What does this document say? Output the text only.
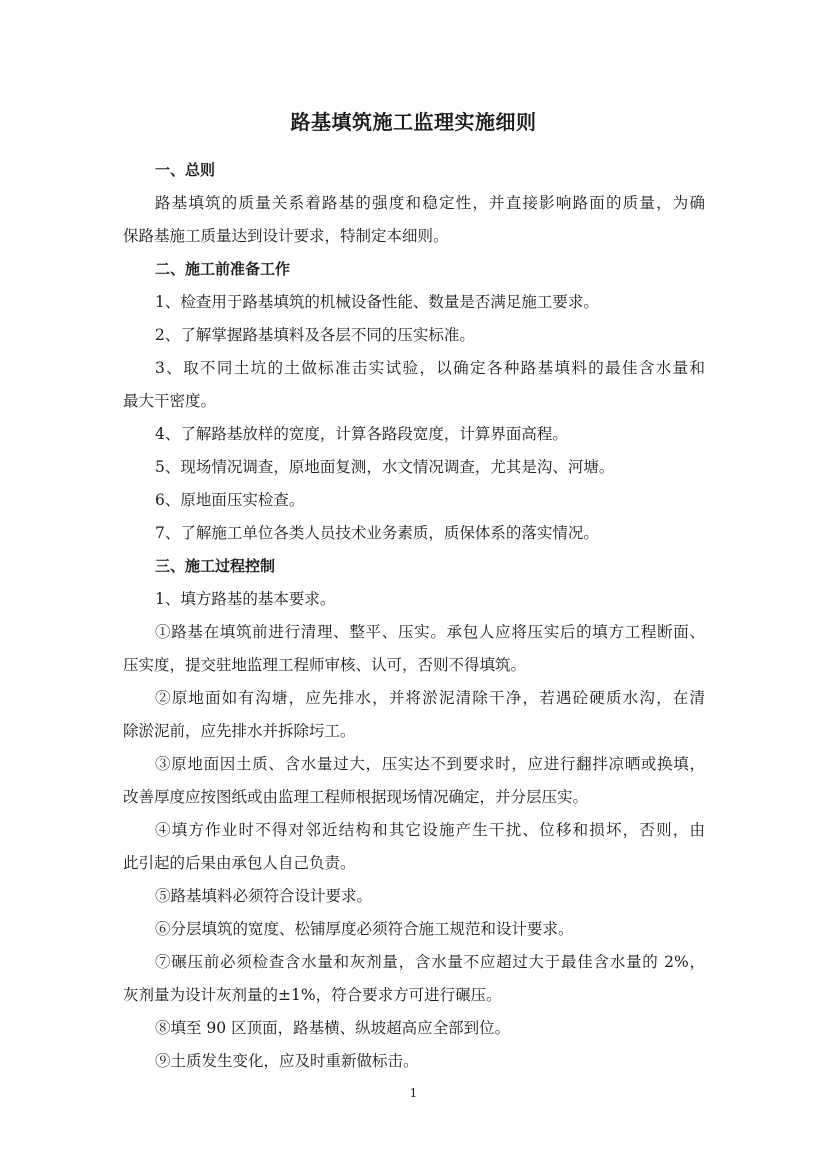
路基填筑施工监理实施细则
一、总则
路基填筑的质量关系着路基的强度和稳定性，并直接影响路面的质量，为确
保路基施工质量达到设计要求，特制定本细则。
二、施工前准备工作
1、检查用于路基填筑的机械设备性能、数量是否满足施工要求。
2、了解掌握路基填料及各层不同的压实标准。
3、取不同土坑的土做标准击实试验，以确定各种路基填料的最佳含水量和
最大干密度。
4、了解路基放样的宽度，计算各路段宽度，计算界面高程。
5、现场情况调查，原地面复测，水文情况调查，尤其是沟、河塘。
6、原地面压实检查。
7、了解施工单位各类人员技术业务素质，质保体系的落实情况。
三、施工过程控制
1、填方路基的基本要求。
①路基在填筑前进行清理、整平、压实。承包人应将压实后的填方工程断面、
压实度，提交驻地监理工程师审核、认可，否则不得填筑。
②原地面如有沟塘，应先排水，并将淤泥清除干净，若遇砼硬质水沟，在清
除淤泥前，应先排水并拆除圬工。
③原地面因土质、含水量过大，压实达不到要求时，应进行翻拌凉晒或换填，
改善厚度应按图纸或由监理工程师根据现场情况确定，并分层压实。
④填方作业时不得对邻近结构和其它设施产生干扰、位移和损坏，否则，由
此引起的后果由承包人自己负责。
⑤路基填料必须符合设计要求。
⑥分层填筑的宽度、松铺厚度必须符合施工规范和设计要求。
⑦碾压前必须检查含水量和灰剂量，含水量不应超过大于最佳含水量的 2%，
灰剂量为设计灰剂量的±1%，符合要求方可进行碾压。
⑧填至 90 区顶面，路基横、纵坡超高应全部到位。
⑨土质发生变化，应及时重新做标击。
1
